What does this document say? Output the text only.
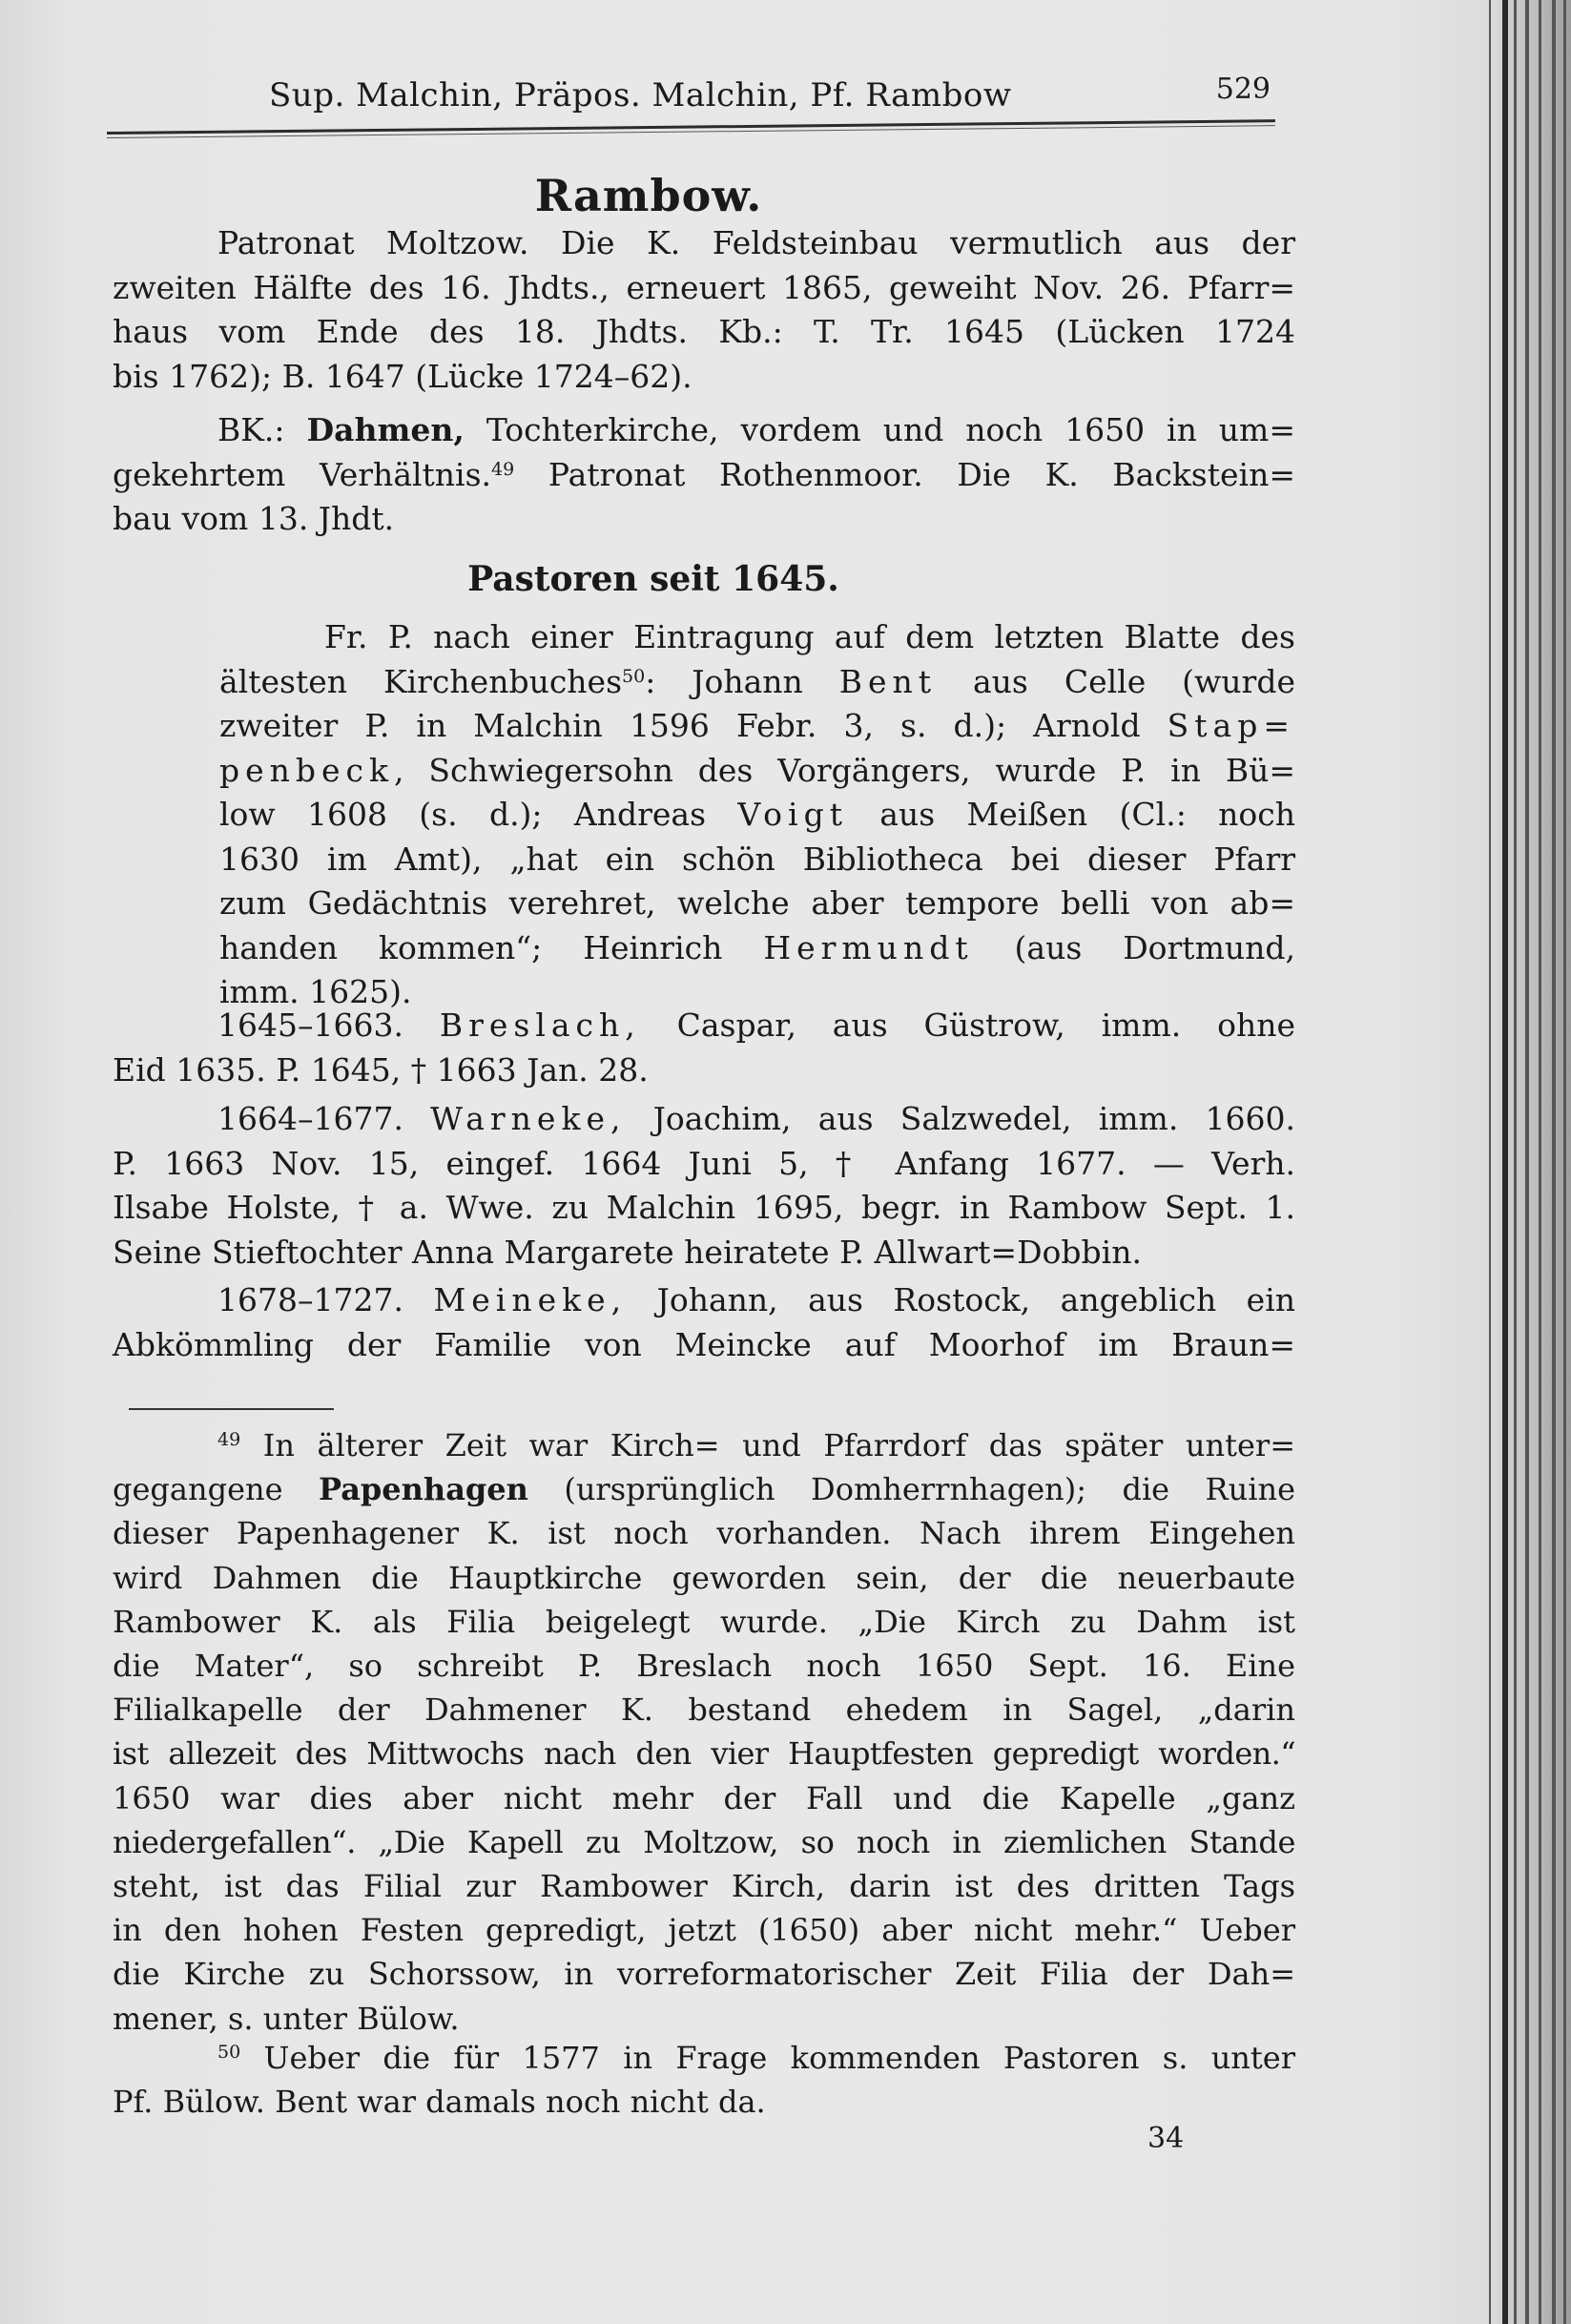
Sup. Malchin, Präpos. Malchin, Pf. Rambow	529
Rambow.
Patronat Moltzow. Die K. Feldsteinbau vermutlich aus der
zweiten Hälfte des 16. Jhdts., erneuert 1865, geweiht Nov. 26. Pfarr=
haus vom Ende des 18. Jhdts. Kb.: T. Tr. 1645 (Lücken 1724
bis 1762); B. 1647 (Lücke 1724–62).
BK.: Dahmen, Tochterkirche, vordem und noch 1650 in um=
gekehrtem Verhältnis.$^{49}$ Patronat Rothenmoor. Die K. Backstein=
bau vom 13. Jhdt.
Pastoren seit 1645.
Fr. P. nach einer Eintragung auf dem letzten Blatte des
ältesten Kirchenbuches$^{50}$: Johann Bent aus Celle (wurde
zweiter P. in Malchin 1596 Febr. 3, s. d.); Arnold Stap=
penbeck, Schwiegersohn des Vorgängers, wurde P. in Bü=
low 1608 (s. d.); Andreas Voigt aus Meißen (Cl.: noch
1630 im Amt), „hat ein schön Bibliotheca bei dieser Pfarr
zum Gedächtnis verehret, welche aber tempore belli von ab=
handen kommen“; Heinrich Hermundt (aus Dortmund,
imm. 1625).
1645–1663. Breslach, Caspar, aus Güstrow, imm. ohne
Eid 1635. P. 1645, † 1663 Jan. 28.
1664–1677. Warneke, Joachim, aus Salzwedel, imm. 1660.
P. 1663 Nov. 15, eingef. 1664 Juni 5, † Anfang 1677. — Verh.
Ilsabe Holste, † a. Wwe. zu Malchin 1695, begr. in Rambow Sept. 1.
Seine Stieftochter Anna Margarete heiratete P. Allwart=Dobbin.
1678–1727. Meineke, Johann, aus Rostock, angeblich ein
Abkömmling der Familie von Meincke auf Moorhof im Braun=
$^{49}$ In älterer Zeit war Kirch= und Pfarrdorf das später unter=
gegangene Papenhagen (ursprünglich Domherrnhagen); die Ruine
dieser Papenhagener K. ist noch vorhanden. Nach ihrem Eingehen
wird Dahmen die Hauptkirche geworden sein, der die neuerbaute
Rambower K. als Filia beigelegt wurde. „Die Kirch zu Dahm ist
die Mater“, so schreibt P. Breslach noch 1650 Sept. 16. Eine
Filialkapelle der Dahmener K. bestand ehedem in Sagel, „darin
ist allezeit des Mittwochs nach den vier Hauptfesten gepredigt worden.“
1650 war dies aber nicht mehr der Fall und die Kapelle „ganz
niedergefallen“. „Die Kapell zu Moltzow, so noch in ziemlichen Stande
steht, ist das Filial zur Rambower Kirch, darin ist des dritten Tags
in den hohen Festen gepredigt, jetzt (1650) aber nicht mehr.“ Ueber
die Kirche zu Schorssow, in vorreformatorischer Zeit Filia der Dah=
mener, s. unter Bülow.
$^{50}$ Ueber die für 1577 in Frage kommenden Pastoren s. unter
Pf. Bülow. Bent war damals noch nicht da.
34
